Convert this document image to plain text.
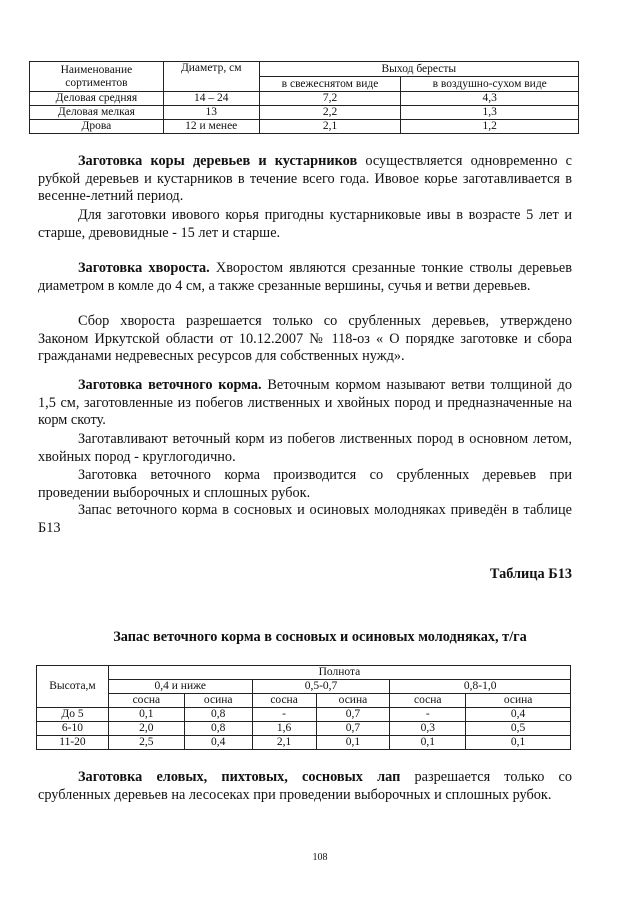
Наименование сортиментов	Диаметр, см	Выход бересты	
		в свежеснятом виде	в воздушно-сухом виде
Деловая средняя	14 – 24	7,2	4,3
Деловая мелкая	13	2,2	1,3
Дрова	12 и менее	2,1	1,2

Заготовка коры деревьев и кустарников осуществляется одновременно с рубкой деревьев и кустарников в течение всего года. Ивовое корье заготавливается в весенне-летний период.

Для заготовки ивового корья пригодны кустарниковые ивы в возрасте 5 лет и старше, древовидные - 15 лет и старше.

Заготовка хвороста. Хворостом являются срезанные тонкие стволы деревьев диаметром в комле до 4 см, а также срезанные вершины, сучья и ветви деревьев.

Сбор хвороста разрешается только со срубленных деревьев, утверждено Законом Иркутской области от 10.12.2007 № 118-оз « О порядке заготовке и сбора гражданами недревесных ресурсов для собственных нужд».

Заготовка веточного корма. Веточным кормом называют ветви толщиной до 1,5 см, заготовленные из побегов лиственных и хвойных пород и предназначенные на корм скоту.

Заготавливают веточный корм из побегов лиственных пород в основном летом, хвойных пород - круглогодично.

Заготовка веточного корма производится со срубленных деревьев при проведении выборочных и сплошных рубок.

Запас веточного корма в сосновых и осиновых молодняках приведён в таблице Б13

Таблица Б13

Запас веточного корма в сосновых и осиновых молодняках, т/га

Высота,м	Полнота					
	0,4 и ниже		0,5-0,7		0,8-1,0	
	сосна	осина	сосна	осина	сосна	осина
До 5	0,1	0,8	-	0,7	-	0,4
6-10	2,0	0,8	1,6	0,7	0,3	0,5
11-20	2,5	0,4	2,1	0,1	0,1	0,1

Заготовка еловых, пихтовых, сосновых лап разрешается только со срубленных деревьев на лесосеках при проведении выборочных и сплошных рубок.

108
